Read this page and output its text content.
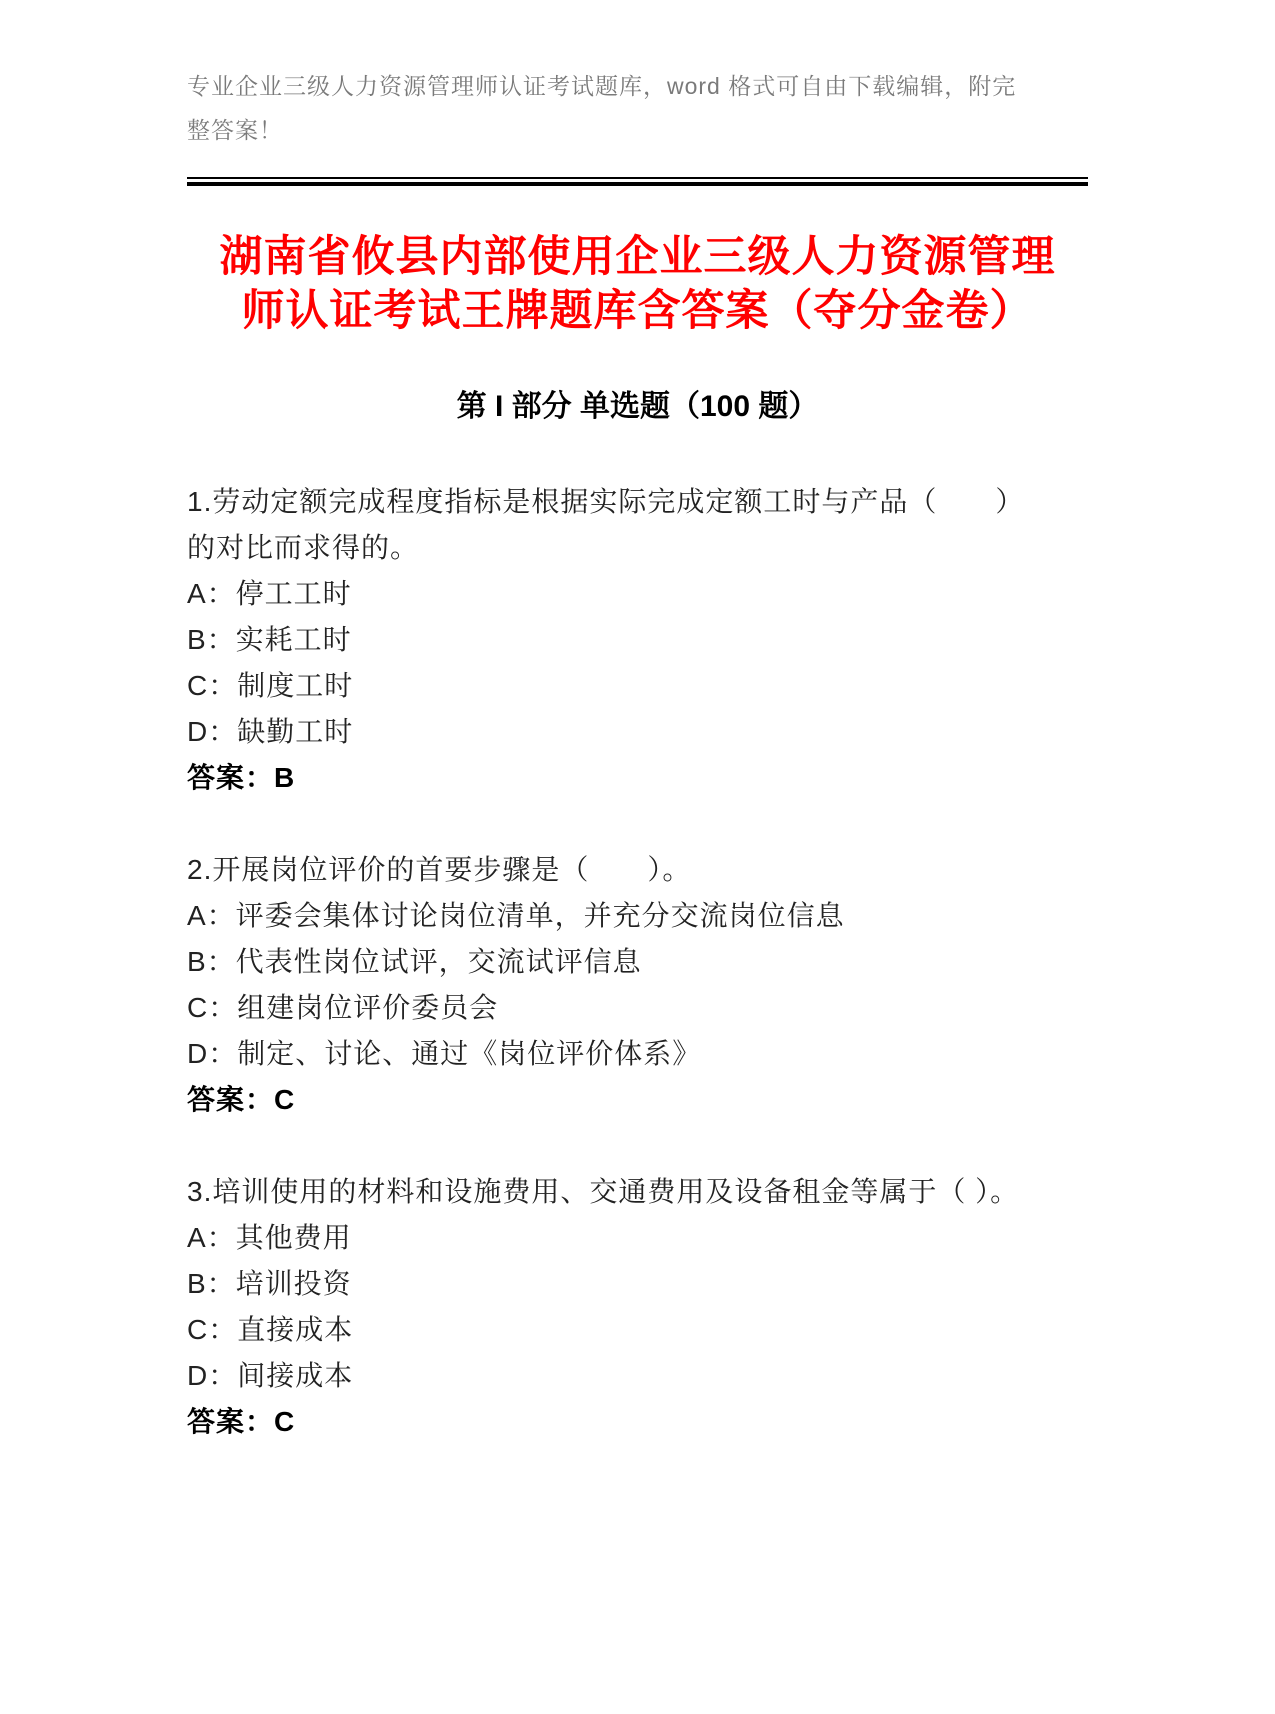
专业企业三级人力资源管理师认证考试题库，word 格式可自由下载编辑，附完整答案！

湖南省攸县内部使用企业三级人力资源管理师认证考试王牌题库含答案（夺分金卷）
第 I 部分 单选题（100 题）

1.劳动定额完成程度指标是根据实际完成定额工时与产品（　　）的对比而求得的。

A：停工工时

B：实耗工时

C：制度工时

D：缺勤工时

答案：B

2.开展岗位评价的首要步骤是（　　）。

A：评委会集体讨论岗位清单，并充分交流岗位信息

B：代表性岗位试评，交流试评信息

C：组建岗位评价委员会

D：制定、讨论、通过《岗位评价体系》

答案：C

3.培训使用的材料和设施费用、交通费用及设备租金等属于（ ）。

A：其他费用

B：培训投资

C：直接成本

D：间接成本

答案：C
